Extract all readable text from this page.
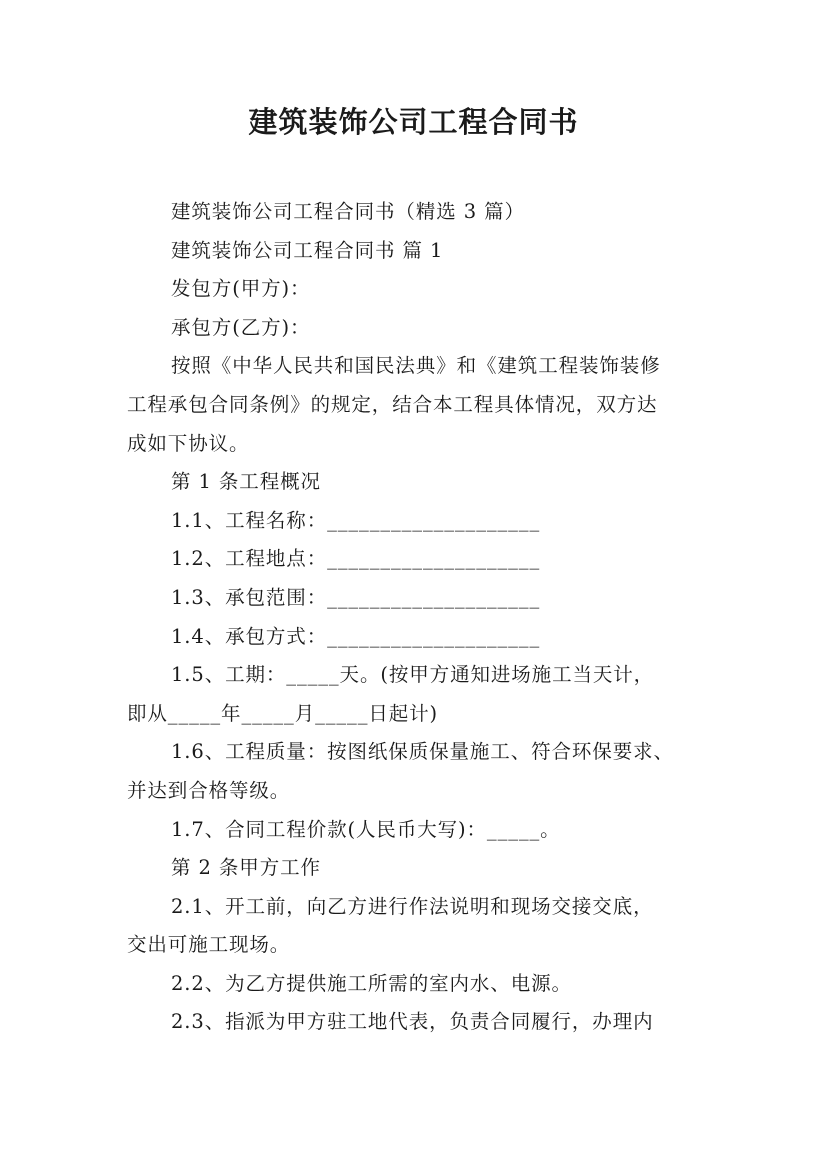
建筑装饰公司工程合同书

建筑装饰公司工程合同书（精选 3 篇）

建筑装饰公司工程合同书 篇 1

发包方(甲方)：

承包方(乙方)：

按照《中华人民共和国民法典》和《建筑工程装饰装修

工程承包合同条例》的规定，结合本工程具体情况，双方达

成如下协议。

第 1 条工程概况

1.1、工程名称：____________________

1.2、工程地点：____________________

1.3、承包范围：____________________

1.4、承包方式：____________________

1.5、工期：_____天。(按甲方通知进场施工当天计，

即从_____年_____月_____日起计)

1.6、工程质量：按图纸保质保量施工、符合环保要求、

并达到合格等级。

1.7、合同工程价款(人民币大写)：_____。

第 2 条甲方工作

2.1、开工前，向乙方进行作法说明和现场交接交底，

交出可施工现场。

2.2、为乙方提供施工所需的室内水、电源。

2.3、指派为甲方驻工地代表，负责合同履行，办理内
